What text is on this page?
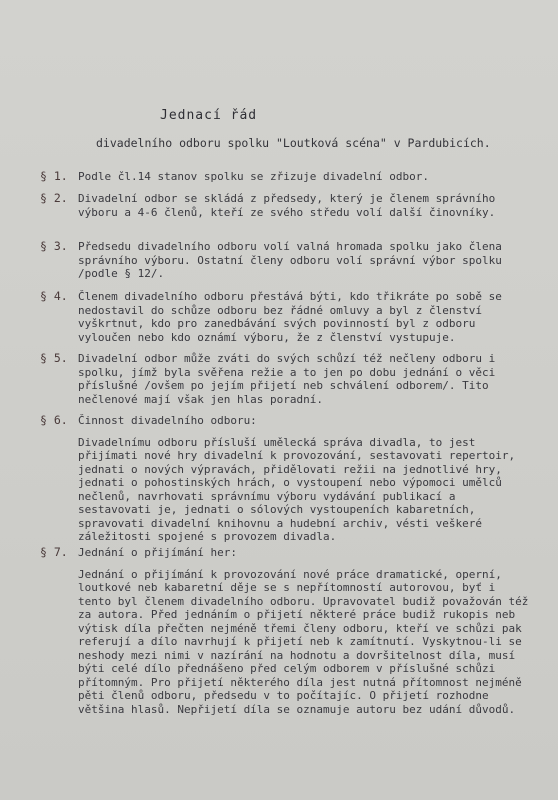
Jednací řád
divadelního odboru spolku "Loutková scéna" v Pardubicích.
§ 1. Podle čl.14 stanov spolku se zřizuje divadelní odbor.
§ 2. Divadelní odbor se skládá z předsedy, který je členem správního výboru a 4-6 členů, kteří ze svého středu volí další činovníky.
§ 3. Předsedu divadelního odboru volí valná hromada spolku jako člena správního výboru. Ostatní členy odboru volí správní výbor spolku /podle § 12/.
§ 4. Členem divadelního odboru přestává býti, kdo třikráte po sobě se nedostavil do schůze odboru bez řádné omluvy a byl z členství vyškrtnut, kdo pro zanedbávání svých povinností byl z odboru vyloučen nebo kdo oznámí výboru, že z členství vystupuje.
§ 5. Divadelní odbor může zváti do svých schůzí též nečleny odboru i spolku, jímž byla svěřena režie a to jen po dobu jednání o věci příslušné /ovšem po jejím přijetí neb schválení odborem/. Tito nečlenové mají však jen hlas poradní.
§ 6. Činnost divadelního odboru:
Divadelnímu odboru přísluší umělecká správa divadla, to jest přijímati nové hry divadelní k provozování, sestavovati repertoir, jednati o nových výpravách, přidělovati režii na jednotlivé hry, jednati o pohostinských hrách, o vystoupení nebo výpomoci umělců nečlenů, navrhovati správnímu výboru vydávání publikací a sestavovati je, jednati o sólových vystoupeních kabaretních, spravovati divadelní knihovnu a hudební archiv, vésti veškeré záležitosti spojené s provozem divadla.
§ 7. Jednání o přijímání her:
Jednání o přijímání k provozování nové práce dramatické, operní, loutkové neb kabaretní děje se s nepřítomností autorovou, byť i tento byl členem divadelního odboru. Upravovatel budiž považován též za autora. Před jednáním o přijetí některé práce budiž rukopis neb výtisk díla přečten nejméně třemi členy odboru, kteří ve schůzi pak referují a dílo navrhují k přijetí neb k zamítnutí. Vyskytnou-li se neshody mezi nimi v nazírání na hodnotu a dovršitelnost díla, musí býti celé dílo přednášeno před celým odborem v příslušné schůzi přítomným. Pro přijetí některého díla jest nutná přítomnost nejméně pěti členů odboru, předsedu v to počítajíc. O přijetí rozhodne většina hlasů. Nepřijetí díla se oznamuje autoru bez udání důvodů.
